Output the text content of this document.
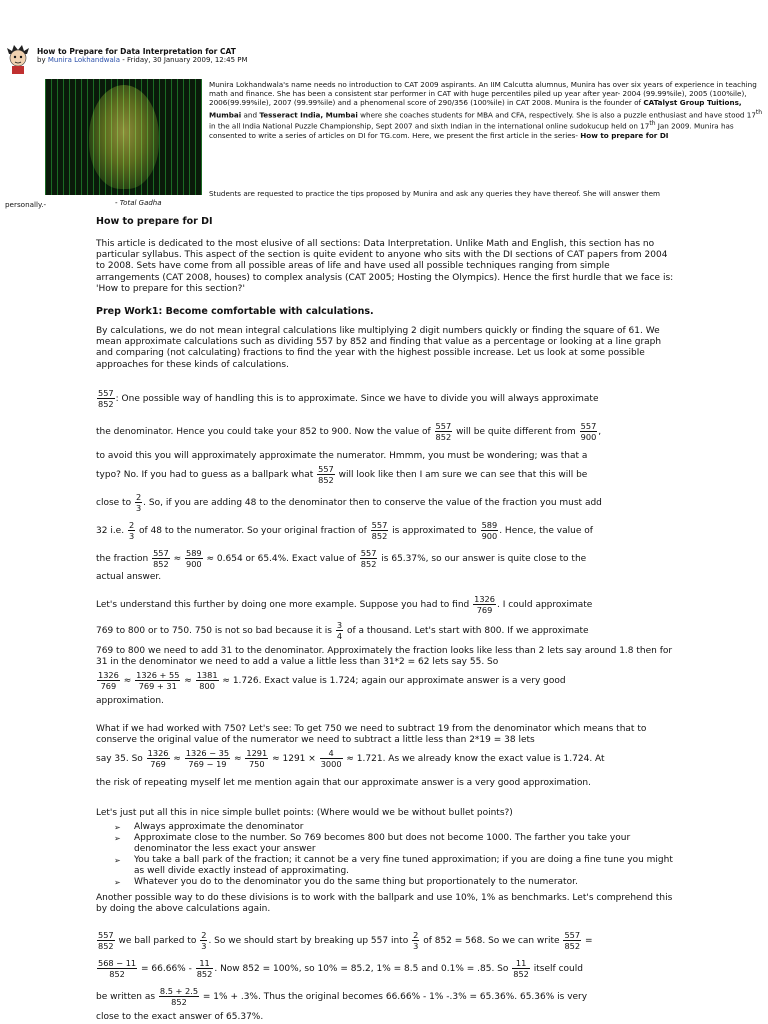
How to Prepare for Data Interpretation for CAT
by Munira Lokhandwala - Friday, 30 January 2009, 12:45 PM
Munira Lokhandwala's name needs no introduction to CAT 2009 aspirants. An IIM Calcutta alumnus, Munira has over six years of experience in teaching math and finance. She has been a consistent star performer in CAT with huge percentiles piled up year after year- 2004 (99.99%ile), 2005 (100%ile), 2006(99.99%ile), 2007 (99.99%ile) and a phenomenal score of 290/356 (100%ile) in CAT 2008. Munira is the founder of CATalyst Group Tuitions, Mumbai and Tesseract India, Mumbai where she coaches students for MBA and CFA, respectively. She is also a puzzle enthusiast and have stood 17th in the all India National Puzzle Championship, Sept 2007 and sixth Indian in the international online sudokucup held on 17th Jan 2009. Munira has consented to write a series of articles on DI for TG.com. Here, we present the first article in the series- How to prepare for DI
Students are requested to practice the tips proposed by Munira and ask any queries they have thereof. She will answer them
personally.-	- Total Gadha
How to prepare for DI

This article is dedicated to the most elusive of all sections: Data Interpretation. Unlike Math and English, this section has no particular syllabus. This aspect of the section is quite evident to anyone who sits with the DI sections of CAT papers from 2004 to 2008. Sets have come from all possible areas of life and have used all possible techniques ranging from simple arrangements (CAT 2008, houses) to complex analysis (CAT 2005; Hosting the Olympics). Hence the first hurdle that we face is: 'How to prepare for this section?'

Prep Work1: Become comfortable with calculations.

By calculations, we do not mean integral calculations like multiplying 2 digit numbers quickly or finding the square of 61. We mean approximate calculations such as dividing 557 by 852 and finding that value as a percentage or looking at a line graph and comparing (not calculating) fractions to find the year with the highest possible increase. Let us look at some possible approaches for these kinds of calculations.

$\frac{557}{852}$ : One possible way of handling this is to approximate. Since we have to divide you will always approximate
the denominator. Hence you could take your 852 to 900. Now the value of $\frac{557}{852}$ will be quite different from $\frac{557}{900}$ ,
to avoid this you will approximately approximate the numerator. Hmmm, you must be wondering; was that a
typo? No. If you had to guess as a ballpark what $\frac{557}{852}$ will look like then I am sure we can see that this will be
close to $\frac{2}{3}$ . So, if you are adding 48 to the denominator then to conserve the value of the fraction you must add
32 i.e. $\frac{2}{3}$ of 48 to the numerator. So your original fraction of $\frac{557}{852}$ is approximated to $\frac{589}{900}$ . Hence, the value of
the fraction $\frac{557}{852} \approx \frac{589}{900} \approx 0.654$ or 65.4%. Exact value of $\frac{557}{852}$ is 65.37%, so our answer is quite close to the
actual answer.
Let's understand this further by doing one more example. Suppose you had to find $\frac{1326}{769}$ . I could approximate
769 to 800 or to 750. 750 is not so bad because it is $\frac{3}{4}$ of a thousand. Let's start with 800. If we approximate
769 to 800 we need to add 31 to the denominator. Approximately the fraction looks like less than 2 lets say around 1.8 then for 31 in the denominator we need to add a value a little less than 31*2 = 62 lets say 55. So
$\frac{1326}{769} \approx \frac{1326 + 55}{769 + 31} \approx \frac{1381}{800} \approx 1.726$. Exact value is 1.724; again our approximate answer is a very good
approximation.
What if we had worked with 750? Let's see: To get 750 we need to subtract 19 from the denominator which means that to conserve the original value of the numerator we need to subtract a little less than 2*19 = 38 lets
say 35. So $\frac{1326}{769} \approx \frac{1326 - 35}{769 - 19} \approx \frac{1291}{750} \approx 1291 \times \frac{4}{3000} \approx 1.721$. As we already know the exact value is 1.724. At
the risk of repeating myself let me mention again that our approximate answer is a very good approximation.

Let's just put all this in nice simple bullet points: (Where would we be without bullet points?)

➢ Always approximate the denominator
➢ Approximate close to the number. So 769 becomes 800 but does not become 1000. The farther you take your denominator the less exact your answer
➢ You take a ball park of the fraction; it cannot be a very fine tuned approximation; if you are doing a fine tune you might as well divide exactly instead of approximating.
➢ Whatever you do to the denominator you do the same thing but proportionately to the numerator.

Another possible way to do these divisions is to work with the ballpark and use 10%, 1% as benchmarks. Let's comprehend this by doing the above calculations again.

$\frac{557}{852}$ we ball parked to $\frac{2}{3}$ . So we should start by breaking up 557 into $\frac{2}{3}$ of 852 = 568. So we can write $\frac{557}{852}$ =
$\frac{568 - 11}{852} = 66.66\% - \frac{11}{852}$ . Now 852 = 100%, so 10% = 85.2, 1% = 8.5 and 0.1% = .85. So $\frac{11}{852}$ itself could
be written as $\frac{8.5 + 2.5}{852} = 1\% + .3\%$. Thus the original becomes 66.66% - 1% -.3% = 65.36%. 65.36% is very
close to the exact answer of 65.37%.
